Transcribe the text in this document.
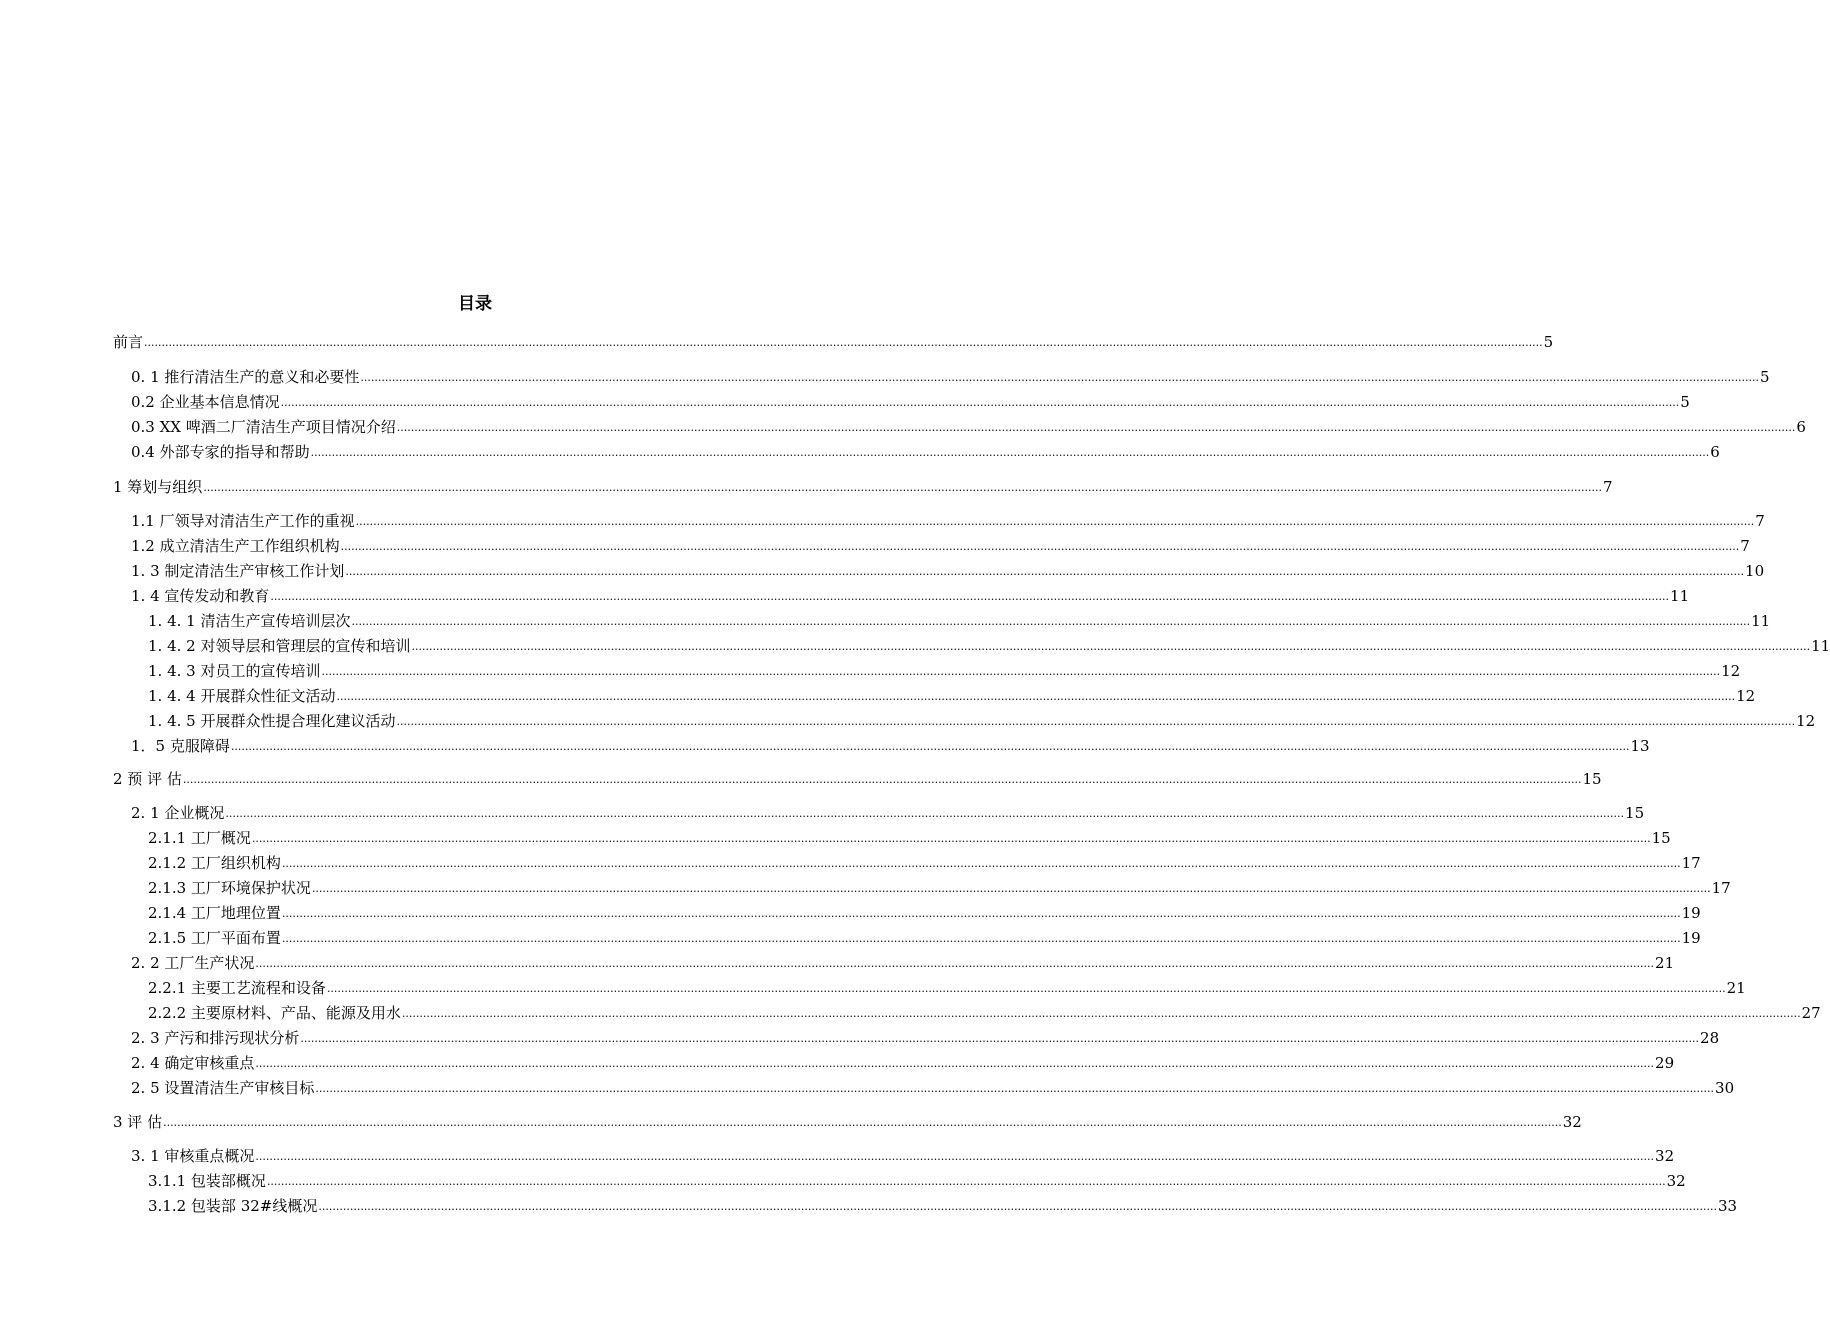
目录
前言 ................................................................................................................................................................................................................................................................................................................................................................................................................ 5
0. 1 推行清洁生产的意义和必要性 ................................................................................................................................................................................................................................................................................................................................................................................................................ 5
0.2 企业基本信息情况 ................................................................................................................................................................................................................................................................................................................................................................................................................ 5
0.3 XX 啤酒二厂清洁生产项目情况介绍 ................................................................................................................................................................................................................................................................................................................................................................................................................ 6
0.4 外部专家的指导和帮助 ................................................................................................................................................................................................................................................................................................................................................................................................................ 6
1 筹划与组织 ................................................................................................................................................................................................................................................................................................................................................................................................................ 7
1.1 厂领导对清洁生产工作的重视 ................................................................................................................................................................................................................................................................................................................................................................................................................ 7
1.2 成立清洁生产工作组织机构 ................................................................................................................................................................................................................................................................................................................................................................................................................ 7
1. 3 制定清洁生产审核工作计划 ................................................................................................................................................................................................................................................................................................................................................................................................................ 10
1. 4 宣传发动和教育 ................................................................................................................................................................................................................................................................................................................................................................................................................ 11
1. 4. 1 清洁生产宣传培训层次 ................................................................................................................................................................................................................................................................................................................................................................................................................ 11
1. 4. 2 对领导层和管理层的宣传和培训 ................................................................................................................................................................................................................................................................................................................................................................................................................ 11
1. 4. 3 对员工的宣传培训 ................................................................................................................................................................................................................................................................................................................................................................................................................ 12
1. 4. 4 开展群众性征文活动 ................................................................................................................................................................................................................................................................................................................................................................................................................ 12
1. 4. 5 开展群众性提合理化建议活动 ................................................................................................................................................................................................................................................................................................................................................................................................................ 12
1．5 克服障碍 ................................................................................................................................................................................................................................................................................................................................................................................................................ 13
2 预 评 估 ................................................................................................................................................................................................................................................................................................................................................................................................................ 15
2. 1 企业概况 ................................................................................................................................................................................................................................................................................................................................................................................................................ 15
2.1.1 工厂概况 ................................................................................................................................................................................................................................................................................................................................................................................................................ 15
2.1.2 工厂组织机构 ................................................................................................................................................................................................................................................................................................................................................................................................................ 17
2.1.3 工厂环境保护状况 ................................................................................................................................................................................................................................................................................................................................................................................................................ 17
2.1.4 工厂地理位置 ................................................................................................................................................................................................................................................................................................................................................................................................................ 19
2.1.5 工厂平面布置 ................................................................................................................................................................................................................................................................................................................................................................................................................ 19
2. 2 工厂生产状况 ................................................................................................................................................................................................................................................................................................................................................................................................................ 21
2.2.1 主要工艺流程和设备 ................................................................................................................................................................................................................................................................................................................................................................................................................ 21
2.2.2 主要原材料、产品、能源及用水 ................................................................................................................................................................................................................................................................................................................................................................................................................ 27
2. 3 产污和排污现状分析 ................................................................................................................................................................................................................................................................................................................................................................................................................ 28
2. 4 确定审核重点 ................................................................................................................................................................................................................................................................................................................................................................................................................ 29
2. 5 设置清洁生产审核目标 ................................................................................................................................................................................................................................................................................................................................................................................................................ 30
3 评 估 ................................................................................................................................................................................................................................................................................................................................................................................................................ 32
3. 1 审核重点概况 ................................................................................................................................................................................................................................................................................................................................................................................................................ 32
3.1.1 包装部概况 ................................................................................................................................................................................................................................................................................................................................................................................................................ 32
3.1.2 包装部 32#线概况 ................................................................................................................................................................................................................................................................................................................................................................................................................ 33
